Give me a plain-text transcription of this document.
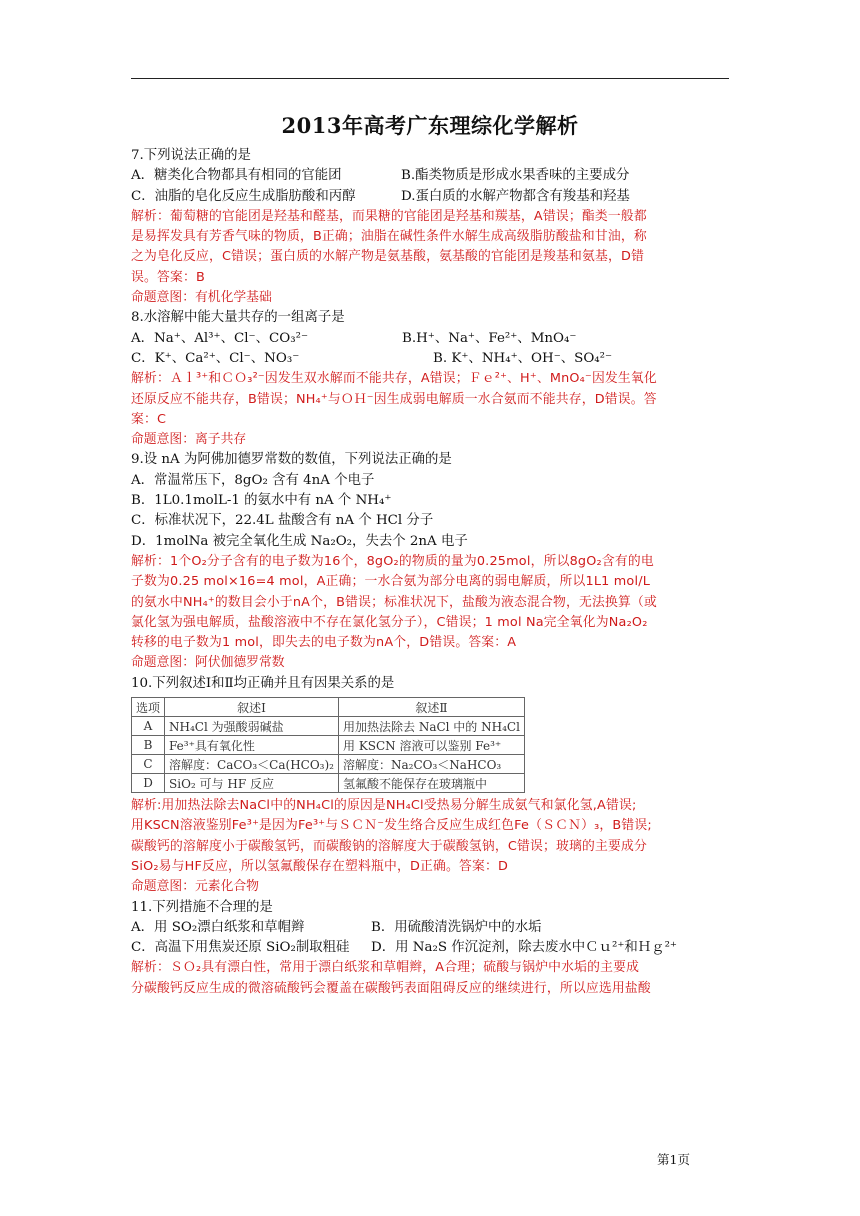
2013年高考广东理综化学解析
7.下列说法正确的是
A．糖类化合物都具有相同的官能团	B.酯类物质是形成水果香味的主要成分
C．油脂的皂化反应生成脂肪酸和丙醇	D.蛋白质的水解产物都含有羧基和羟基
解析：葡萄糖的官能团是羟基和醛基，而果糖的官能团是羟基和羰基，A错误；酯类一般都
是易挥发具有芳香气味的物质，B正确；油脂在碱性条件水解生成高级脂肪酸盐和甘油，称
之为皂化反应，C错误；蛋白质的水解产物是氨基酸，氨基酸的官能团是羧基和氨基，D错
误。答案：B
命题意图：有机化学基础
8.水溶解中能大量共存的一组离子是
A．Na⁺、Al³⁺、Cl⁻、CO₃²⁻	B.H⁺、Na⁺、Fe²⁺、MnO₄⁻
C．K⁺、Ca²⁺、Cl⁻、NO₃⁻	B. K⁺、NH₄⁺、OH⁻、SO₄²⁻
解析：Ａｌ³⁺和ＣＯ₃²⁻因发生双水解而不能共存，A错误；Ｆｅ²⁺、H⁺、MnO₄⁻因发生氧化
还原反应不能共存，B错误；NH₄⁺与ＯＨ⁻因生成弱电解质一水合氨而不能共存，D错误。答
案：C
命题意图：离子共存
9.设 nA 为阿佛加德罗常数的数值，下列说法正确的是
A．常温常压下，8gO₂ 含有 4nA 个电子
B．1L0.1molL-1 的氨水中有 nA 个 NH₄⁺
C．标准状况下，22.4L 盐酸含有 nA 个 HCl 分子
D．1molNa 被完全氧化生成 Na₂O₂，失去个 2nA 电子
解析：1个O₂分子含有的电子数为16个，8gO₂的物质的量为0.25mol，所以8gO₂含有的电
子数为0.25 mol×16=4 mol，A正确；一水合氨为部分电离的弱电解质，所以1L1 mol/L
的氨水中NH₄⁺的数目会小于nA个，B错误；标准状况下，盐酸为液态混合物，无法换算（或
氯化氢为强电解质，盐酸溶液中不存在氯化氢分子），C错误；1 mol Na完全氧化为Na₂O₂
转移的电子数为1 mol，即失去的电子数为nA个，D错误。答案：A
命题意图：阿伏伽德罗常数
10.下列叙述Ⅰ和Ⅱ均正确并且有因果关系的是
选项	叙述Ⅰ	叙述Ⅱ
A	NH₄Cl 为强酸弱碱盐	用加热法除去 NaCl 中的 NH₄Cl
B	Fe³⁺具有氧化性	用 KSCN 溶液可以鉴别 Fe³⁺
C	溶解度：CaCO₃＜Ca(HCO₃)₂	溶解度：Na₂CO₃＜NaHCO₃
D	SiO₂ 可与 HF 反应	氢氟酸不能保存在玻璃瓶中
解析:用加热法除去NaCl中的NH₄Cl的原因是NH₄Cl受热易分解生成氨气和氯化氢,A错误;
用KSCN溶液鉴别Fe³⁺是因为Fe³⁺与ＳＣＮ⁻发生络合反应生成红色Fe（ＳＣＮ）₃，B错误;
碳酸钙的溶解度小于碳酸氢钙，而碳酸钠的溶解度大于碳酸氢钠，C错误；玻璃的主要成分
SiO₂易与HF反应，所以氢氟酸保存在塑料瓶中，D正确。答案：D
命题意图：元素化合物
11.下列措施不合理的是
A．用 SO₂漂白纸浆和草帽辫	B．用硫酸清洗锅炉中的水垢
C．高温下用焦炭还原 SiO₂制取粗硅	D．用 Na₂S 作沉淀剂，除去废水中Ｃｕ²⁺和Ｈｇ²⁺
解析：ＳＯ₂具有漂白性，常用于漂白纸浆和草帽辫，A合理；硫酸与锅炉中水垢的主要成
分碳酸钙反应生成的微溶硫酸钙会覆盖在碳酸钙表面阻碍反应的继续进行，所以应选用盐酸
第1页
